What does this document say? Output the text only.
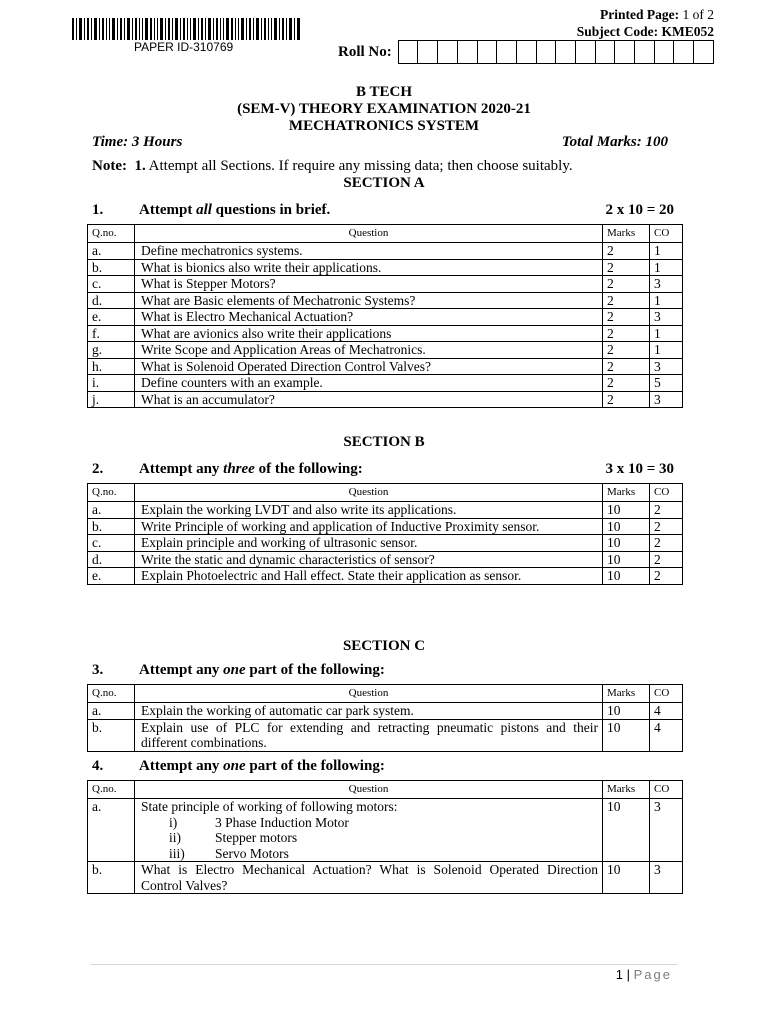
PAPER ID-310769
Printed Page: 1 of 2
Subject Code: KME052
Roll No:
B TECH
(SEM-V) THEORY EXAMINATION 2020-21
MECHATRONICS SYSTEM
Time: 3 Hours	Total Marks: 100
Note: 1. Attempt all Sections. If require any missing data; then choose suitably.
SECTION A
1. Attempt all questions in brief.	2 x 10 = 20
Q.no.	Question	Marks	CO
a.	Define mechatronics systems.	2	1
b.	What is bionics also write their applications.	2	1
c.	What is Stepper Motors?	2	3
d.	What are Basic elements of Mechatronic Systems?	2	1
e.	What is Electro Mechanical Actuation?	2	3
f.	What are avionics also write their applications	2	1
g.	Write Scope and Application Areas of Mechatronics.	2	1
h.	What is Solenoid Operated Direction Control Valves?	2	3
i.	Define counters with an example.	2	5
j.	What is an accumulator?	2	3
SECTION B
2. Attempt any three of the following:	3 x 10 = 30
Q.no.	Question	Marks	CO
a.	Explain the working LVDT and also write its applications.	10	2
b.	Write Principle of working and application of Inductive Proximity sensor.	10	2
c.	Explain principle and working of ultrasonic sensor.	10	2
d.	Write the static and dynamic characteristics of sensor?	10	2
e.	Explain Photoelectric and Hall effect. State their application as sensor.	10	2
SECTION C
3. Attempt any one part of the following:
Q.no.	Question	Marks	CO
a.	Explain the working of automatic car park system.	10	4
b.	Explain use of PLC for extending and retracting pneumatic pistons and their different combinations.	10	4
4. Attempt any one part of the following:
Q.no.	Question	Marks	CO
a.	State principle of working of following motors:
i) 3 Phase Induction Motor
ii) Stepper motors
iii) Servo Motors	10	3
b.	What is Electro Mechanical Actuation? What is Solenoid Operated Direction Control Valves?	10	3
1 | Page
